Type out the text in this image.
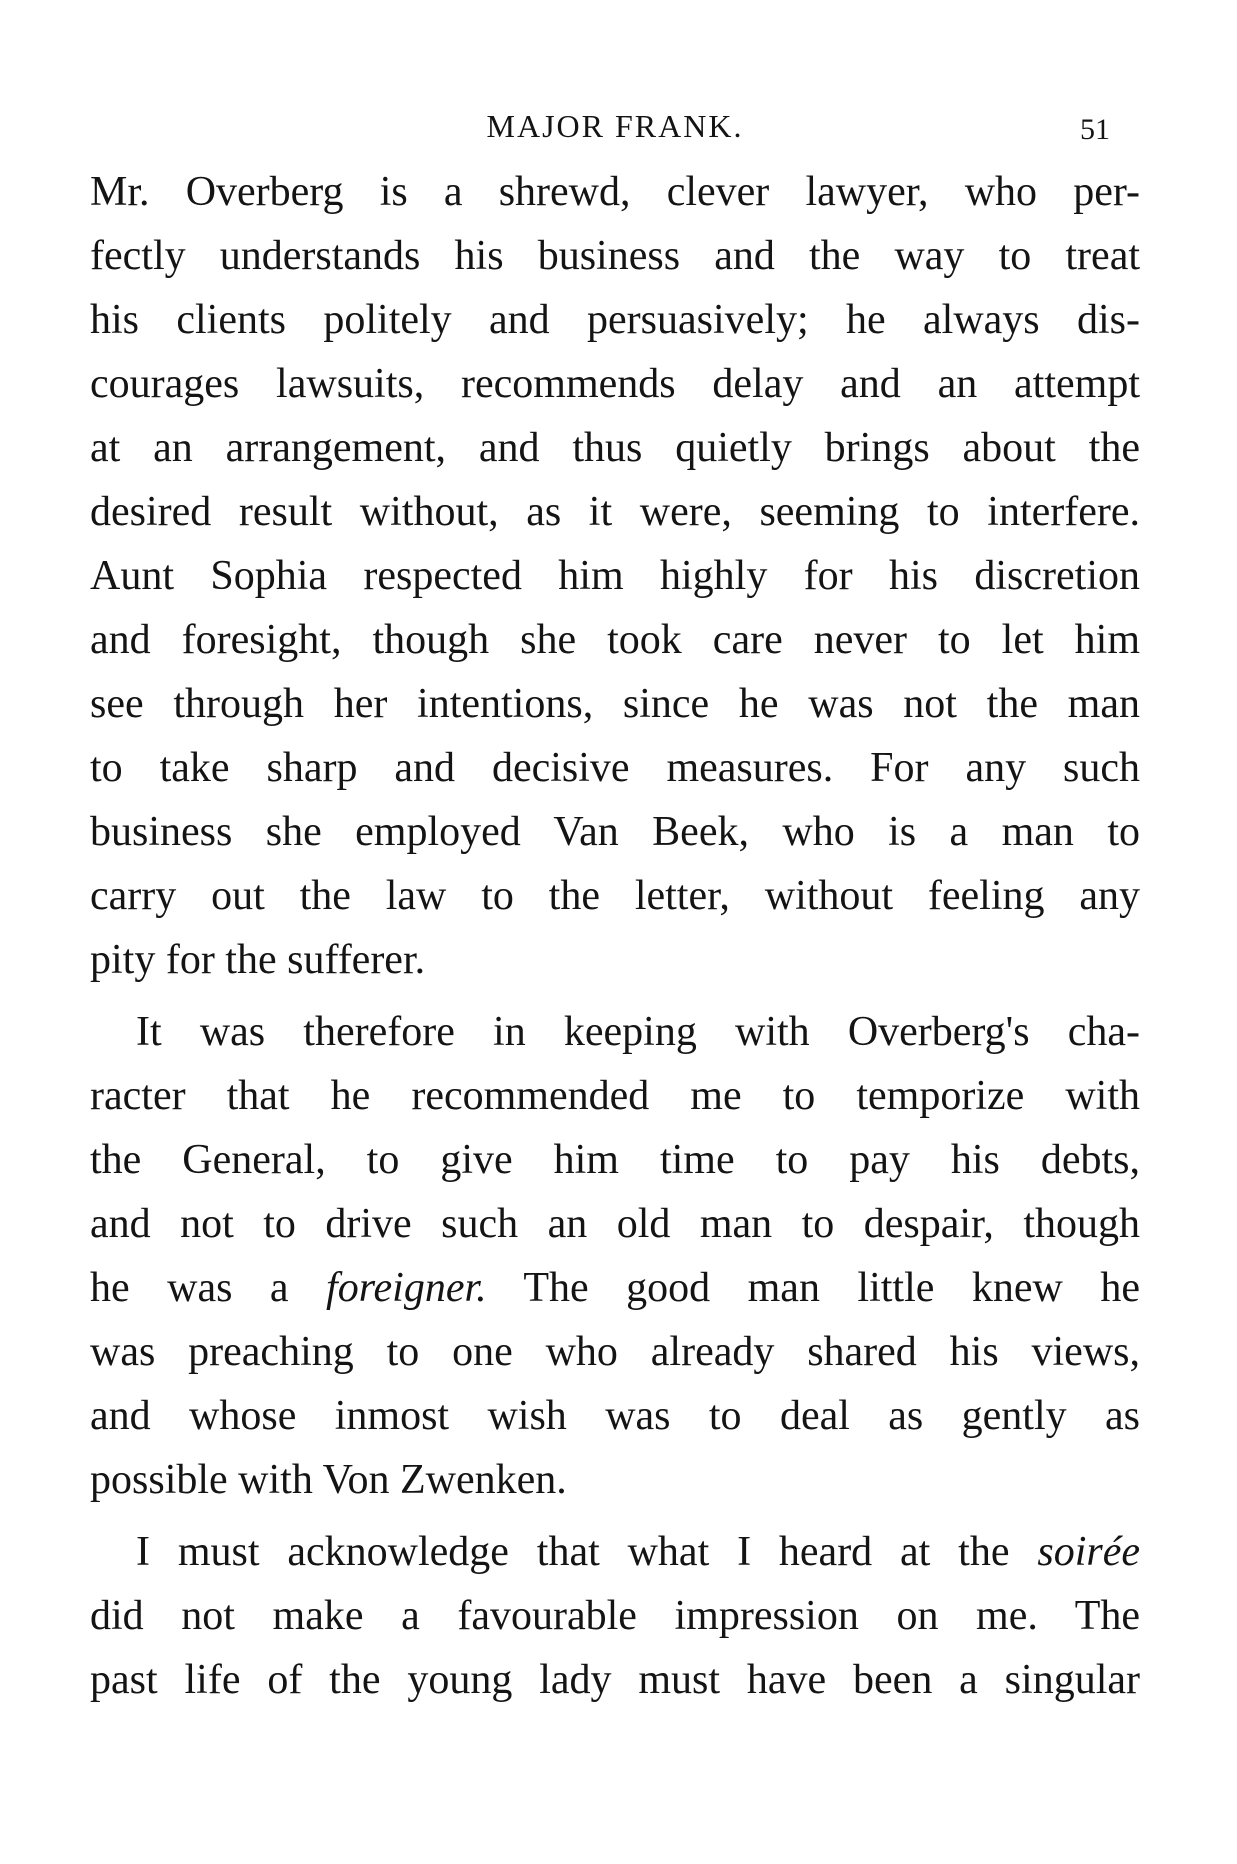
MAJOR FRANK.	51

Mr. Overberg is a shrewd, clever lawyer, who per-
fectly understands his business and the way to treat
his clients politely and persuasively; he always dis-
courages lawsuits, recommends delay and an attempt
at an arrangement, and thus quietly brings about the
desired result without, as it were, seeming to interfere.
Aunt Sophia respected him highly for his discretion
and foresight, though she took care never to let him
see through her intentions, since he was not the man
to take sharp and decisive measures. For any such
business she employed Van Beek, who is a man to
carry out the law to the letter, without feeling any
pity for the sufferer.

It was therefore in keeping with Overberg's cha-
racter that he recommended me to temporize with
the General, to give him time to pay his debts,
and not to drive such an old man to despair, though
he was a foreigner. The good man little knew he
was preaching to one who already shared his views,
and whose inmost wish was to deal as gently as
possible with Von Zwenken.

I must acknowledge that what I heard at the soirée
did not make a favourable impression on me. The
past life of the young lady must have been a singular
